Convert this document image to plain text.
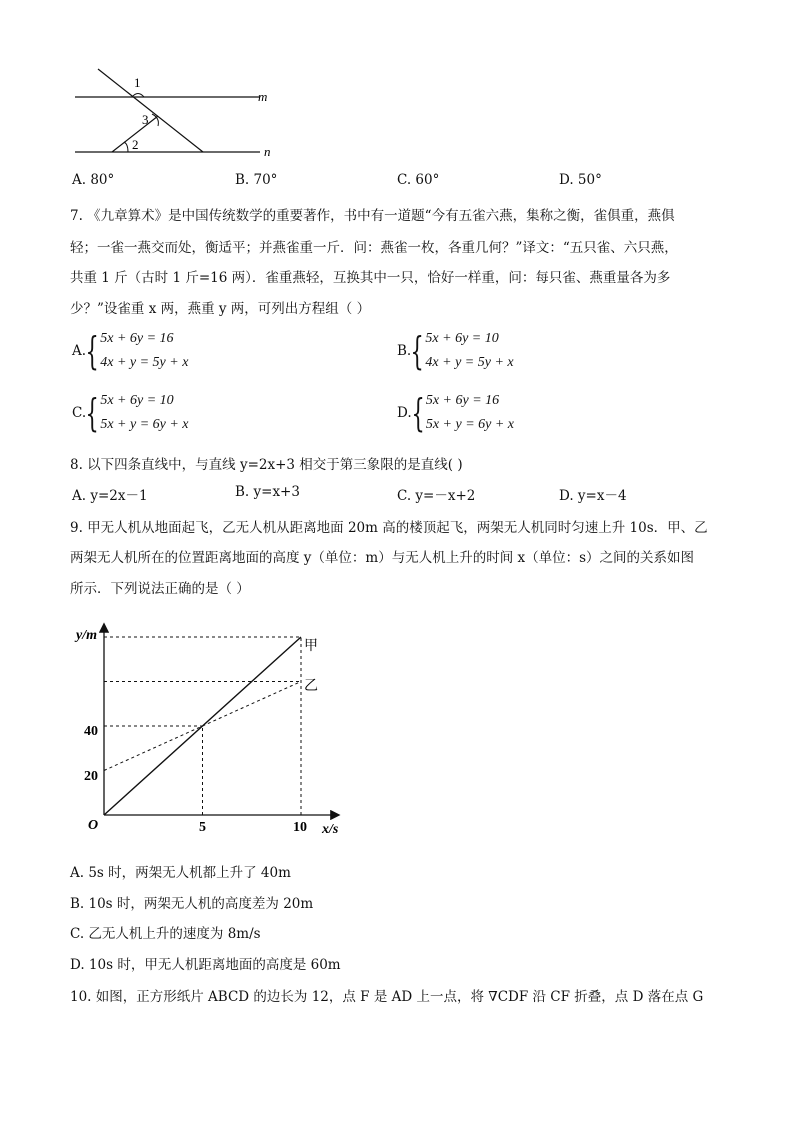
1
3
2
m
n
A. 80°	B. 70°	C. 60°	D. 50°
7. 《九章算术》是中国传统数学的重要著作，书中有一道题“今有五雀六燕，集称之衡，雀俱重，燕俱
轻；一雀一燕交而处，衡适平；并燕雀重一斤．问：燕雀一枚，各重几何？”译文：“五只雀、六只燕，
共重 1 斤（古时 1 斤=16 两）．雀重燕轻，互换其中一只，恰好一样重，问：每只雀、燕重量各为多
少？”设雀重 x 两，燕重 y 两，可列出方程组（ ）
A. { 5x + 6y = 16
4x + y = 5y + x
B. { 5x + 6y = 10
4x + y = 5y + x
C. { 5x + 6y = 10
5x + y = 6y + x
D. { 5x + 6y = 16
5x + y = 6y + x
8. 以下四条直线中，与直线 y=2x+3 相交于第三象限的是直线( )
A. y=2x－1	B. y=x+3	C. y=－x+2	D. y=x－4
9. 甲无人机从地面起飞，乙无人机从距离地面 20m 高的楼顶起飞，两架无人机同时匀速上升 10s．甲、乙
两架无人机所在的位置距离地面的高度 y（单位：m）与无人机上升的时间 x（单位：s）之间的关系如图
所示．下列说法正确的是（ ）
y/m
x/s
O	5	10
20
40
甲
乙
A. 5s 时，两架无人机都上升了 40m
B. 10s 时，两架无人机的高度差为 20m
C. 乙无人机上升的速度为 8m/s
D. 10s 时，甲无人机距离地面的高度是 60m
10. 如图，正方形纸片 ABCD 的边长为 12，点 F 是 AD 上一点，将 ∇CDF 沿 CF 折叠，点 D 落在点 G
